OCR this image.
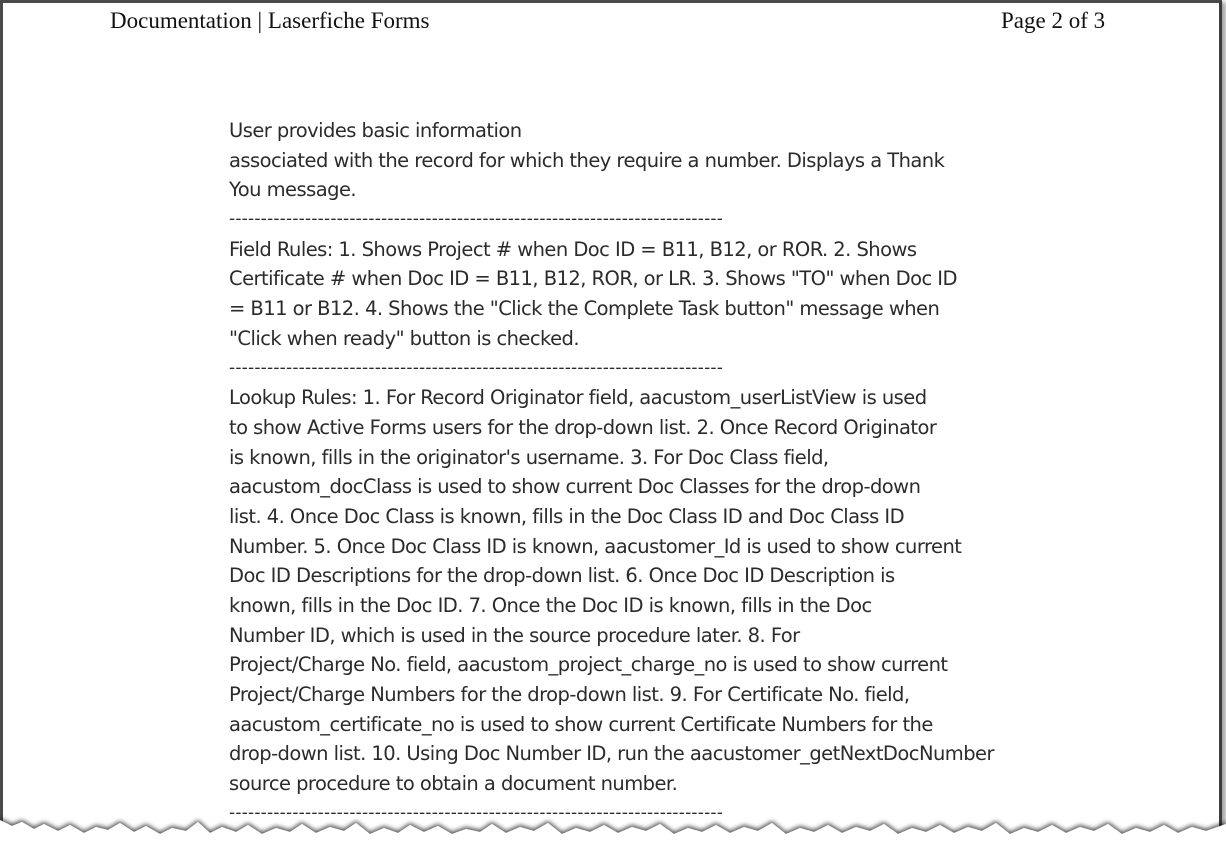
Documentation | Laserfiche Forms	Page 2 of 3
User provides basic information
associated with the record for which they require a number. Displays a Thank
You message.
------------------------------------------------------------------------------
Field Rules: 1. Shows Project # when Doc ID = B11, B12, or ROR. 2. Shows
Certificate # when Doc ID = B11, B12, ROR, or LR. 3. Shows "TO" when Doc ID
= B11 or B12. 4. Shows the "Click the Complete Task button" message when
"Click when ready" button is checked.
------------------------------------------------------------------------------
Lookup Rules: 1. For Record Originator field, aacustom_userListView is used
to show Active Forms users for the drop-down list. 2. Once Record Originator
is known, fills in the originator's username. 3. For Doc Class field,
aacustom_docClass is used to show current Doc Classes for the drop-down
list. 4. Once Doc Class is known, fills in the Doc Class ID and Doc Class ID
Number. 5. Once Doc Class ID is known, aacustomer_Id is used to show current
Doc ID Descriptions for the drop-down list. 6. Once Doc ID Description is
known, fills in the Doc ID. 7. Once the Doc ID is known, fills in the Doc
Number ID, which is used in the source procedure later. 8. For
Project/Charge No. field, aacustom_project_charge_no is used to show current
Project/Charge Numbers for the drop-down list. 9. For Certificate No. field,
aacustom_certificate_no is used to show current Certificate Numbers for the
drop-down list. 10. Using Doc Number ID, run the aacustomer_getNextDocNumber
source procedure to obtain a document number.
------------------------------------------------------------------------------
